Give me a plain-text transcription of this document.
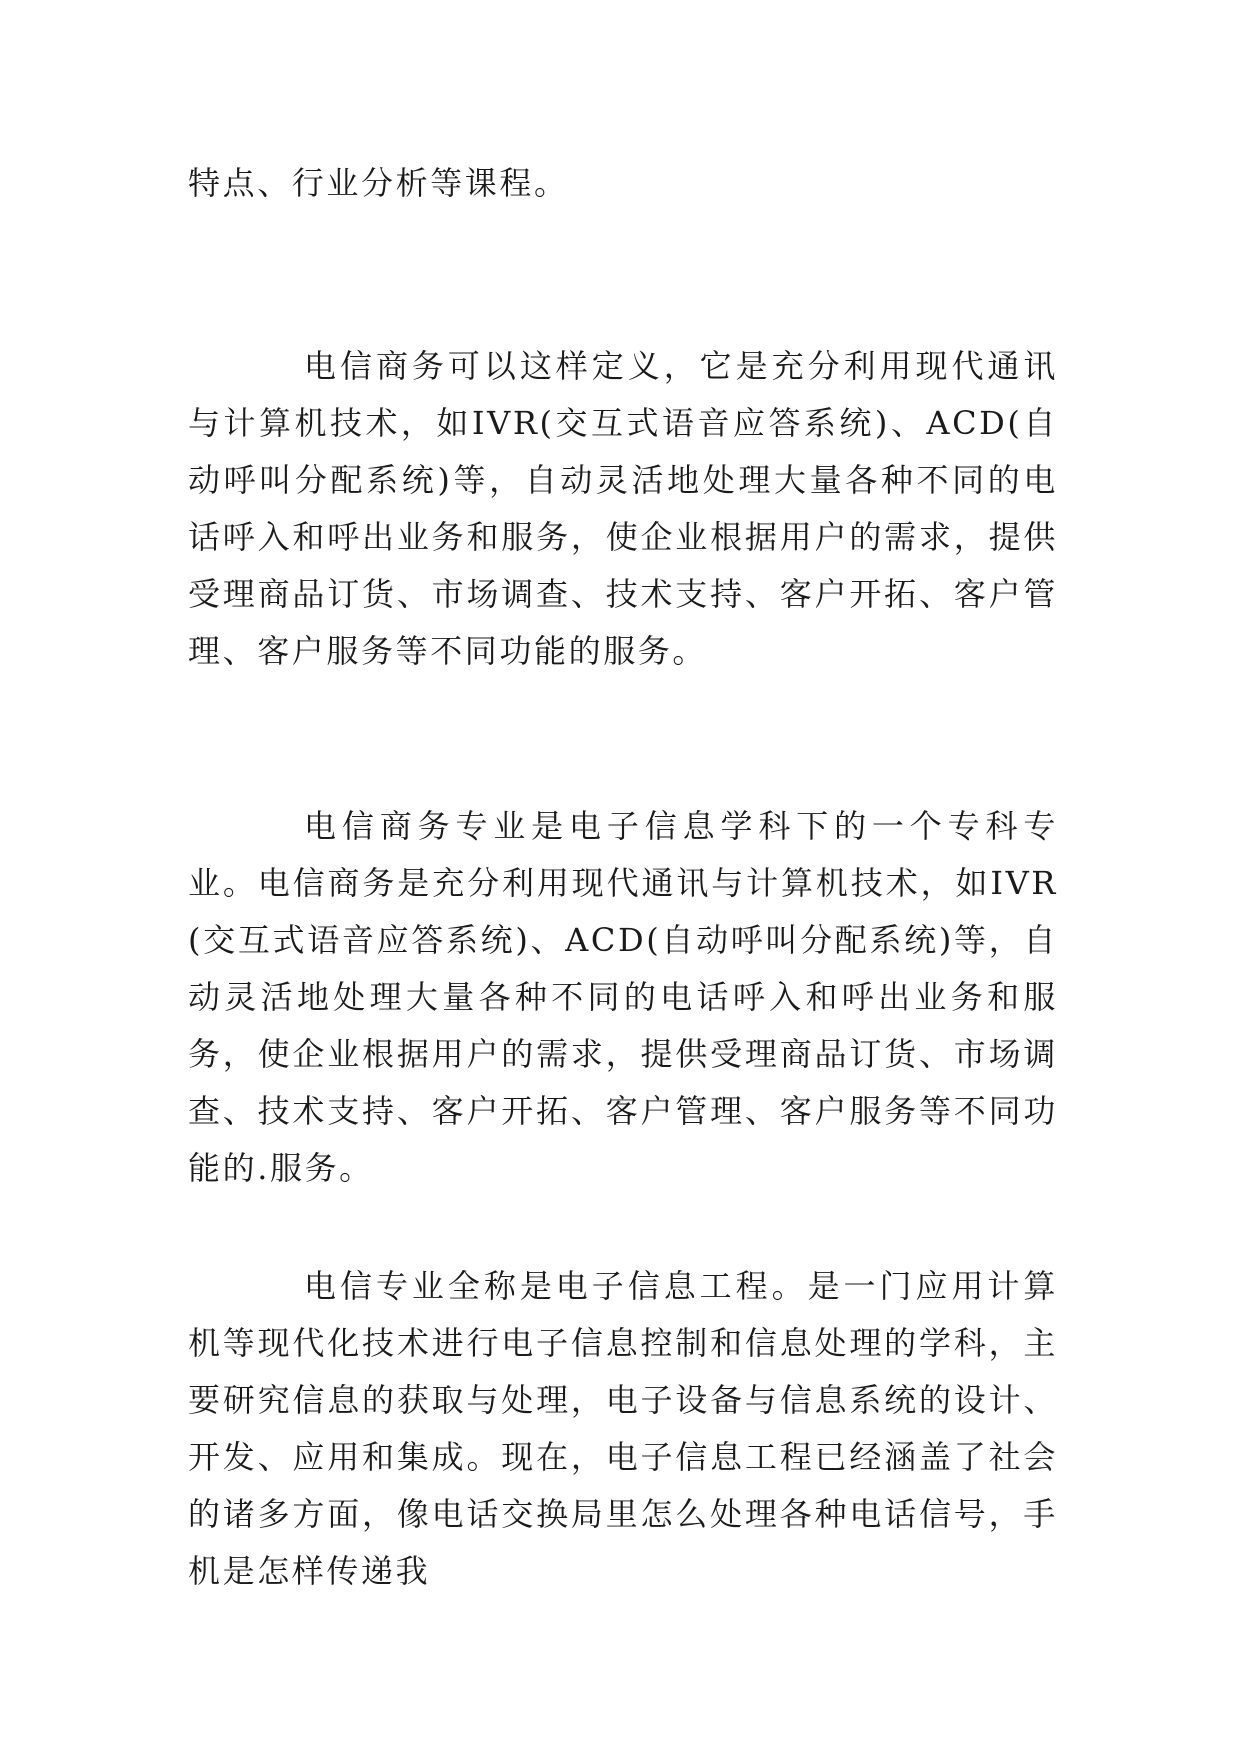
特点、行业分析等课程。

电信商务可以这样定义，它是充分利用现代通讯与计算机技术，如IVR(交互式语音应答系统)、ACD(自动呼叫分配系统)等，自动灵活地处理大量各种不同的电话呼入和呼出业务和服务，使企业根据用户的需求，提供受理商品订货、市场调查、技术支持、客户开拓、客户管理、客户服务等不同功能的服务。

电信商务专业是电子信息学科下的一个专科专业。电信商务是充分利用现代通讯与计算机技术，如IVR(交互式语音应答系统)、ACD(自动呼叫分配系统)等，自动灵活地处理大量各种不同的电话呼入和呼出业务和服务，使企业根据用户的需求，提供受理商品订货、市场调查、技术支持、客户开拓、客户管理、客户服务等不同功能的.服务。

电信专业全称是电子信息工程。是一门应用计算机等现代化技术进行电子信息控制和信息处理的学科，主要研究信息的获取与处理，电子设备与信息系统的设计、开发、应用和集成。现在，电子信息工程已经涵盖了社会的诸多方面，像电话交换局里怎么处理各种电话信号，手机是怎样传递我
